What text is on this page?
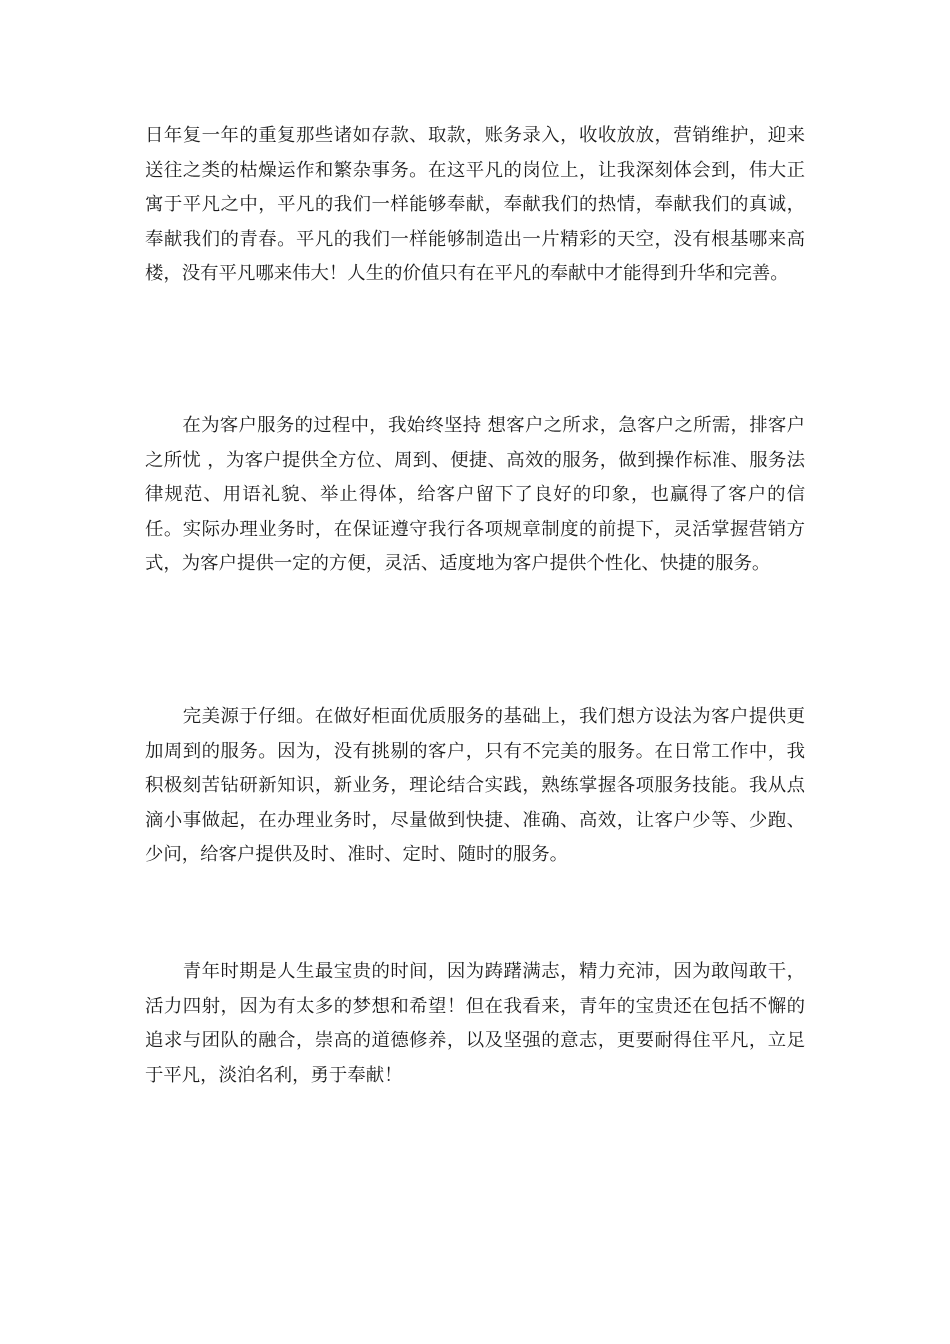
日年复一年的重复那些诸如存款、取款，账务录入，收收放放，营销维护，迎来送往之类的枯燥运作和繁杂事务。在这平凡的岗位上，让我深刻体会到，伟大正寓于平凡之中，平凡的我们一样能够奉献，奉献我们的热情，奉献我们的真诚，奉献我们的青春。平凡的我们一样能够制造出一片精彩的天空，没有根基哪来高楼，没有平凡哪来伟大！人生的价值只有在平凡的奉献中才能得到升华和完善。

　　在为客户服务的过程中，我始终坚持 想客户之所求，急客户之所需，排客户之所忧 ，为客户提供全方位、周到、便捷、高效的服务，做到操作标准、服务法律规范、用语礼貌、举止得体，给客户留下了良好的印象，也赢得了客户的信任。实际办理业务时，在保证遵守我行各项规章制度的前提下，灵活掌握营销方式，为客户提供一定的方便，灵活、适度地为客户提供个性化、快捷的服务。

　　完美源于仔细。在做好柜面优质服务的基础上，我们想方设法为客户提供更加周到的服务。因为，没有挑剔的客户，只有不完美的服务。在日常工作中，我积极刻苦钻研新知识，新业务，理论结合实践，熟练掌握各项服务技能。我从点滴小事做起，在办理业务时，尽量做到快捷、准确、高效，让客户少等、少跑、少问，给客户提供及时、准时、定时、随时的服务。

　　青年时期是人生最宝贵的时间，因为踌躇满志，精力充沛，因为敢闯敢干，活力四射，因为有太多的梦想和希望！但在我看来，青年的宝贵还在包括不懈的追求与团队的融合，崇高的道德修养，以及坚强的意志，更要耐得住平凡，立足于平凡，淡泊名利，勇于奉献！
